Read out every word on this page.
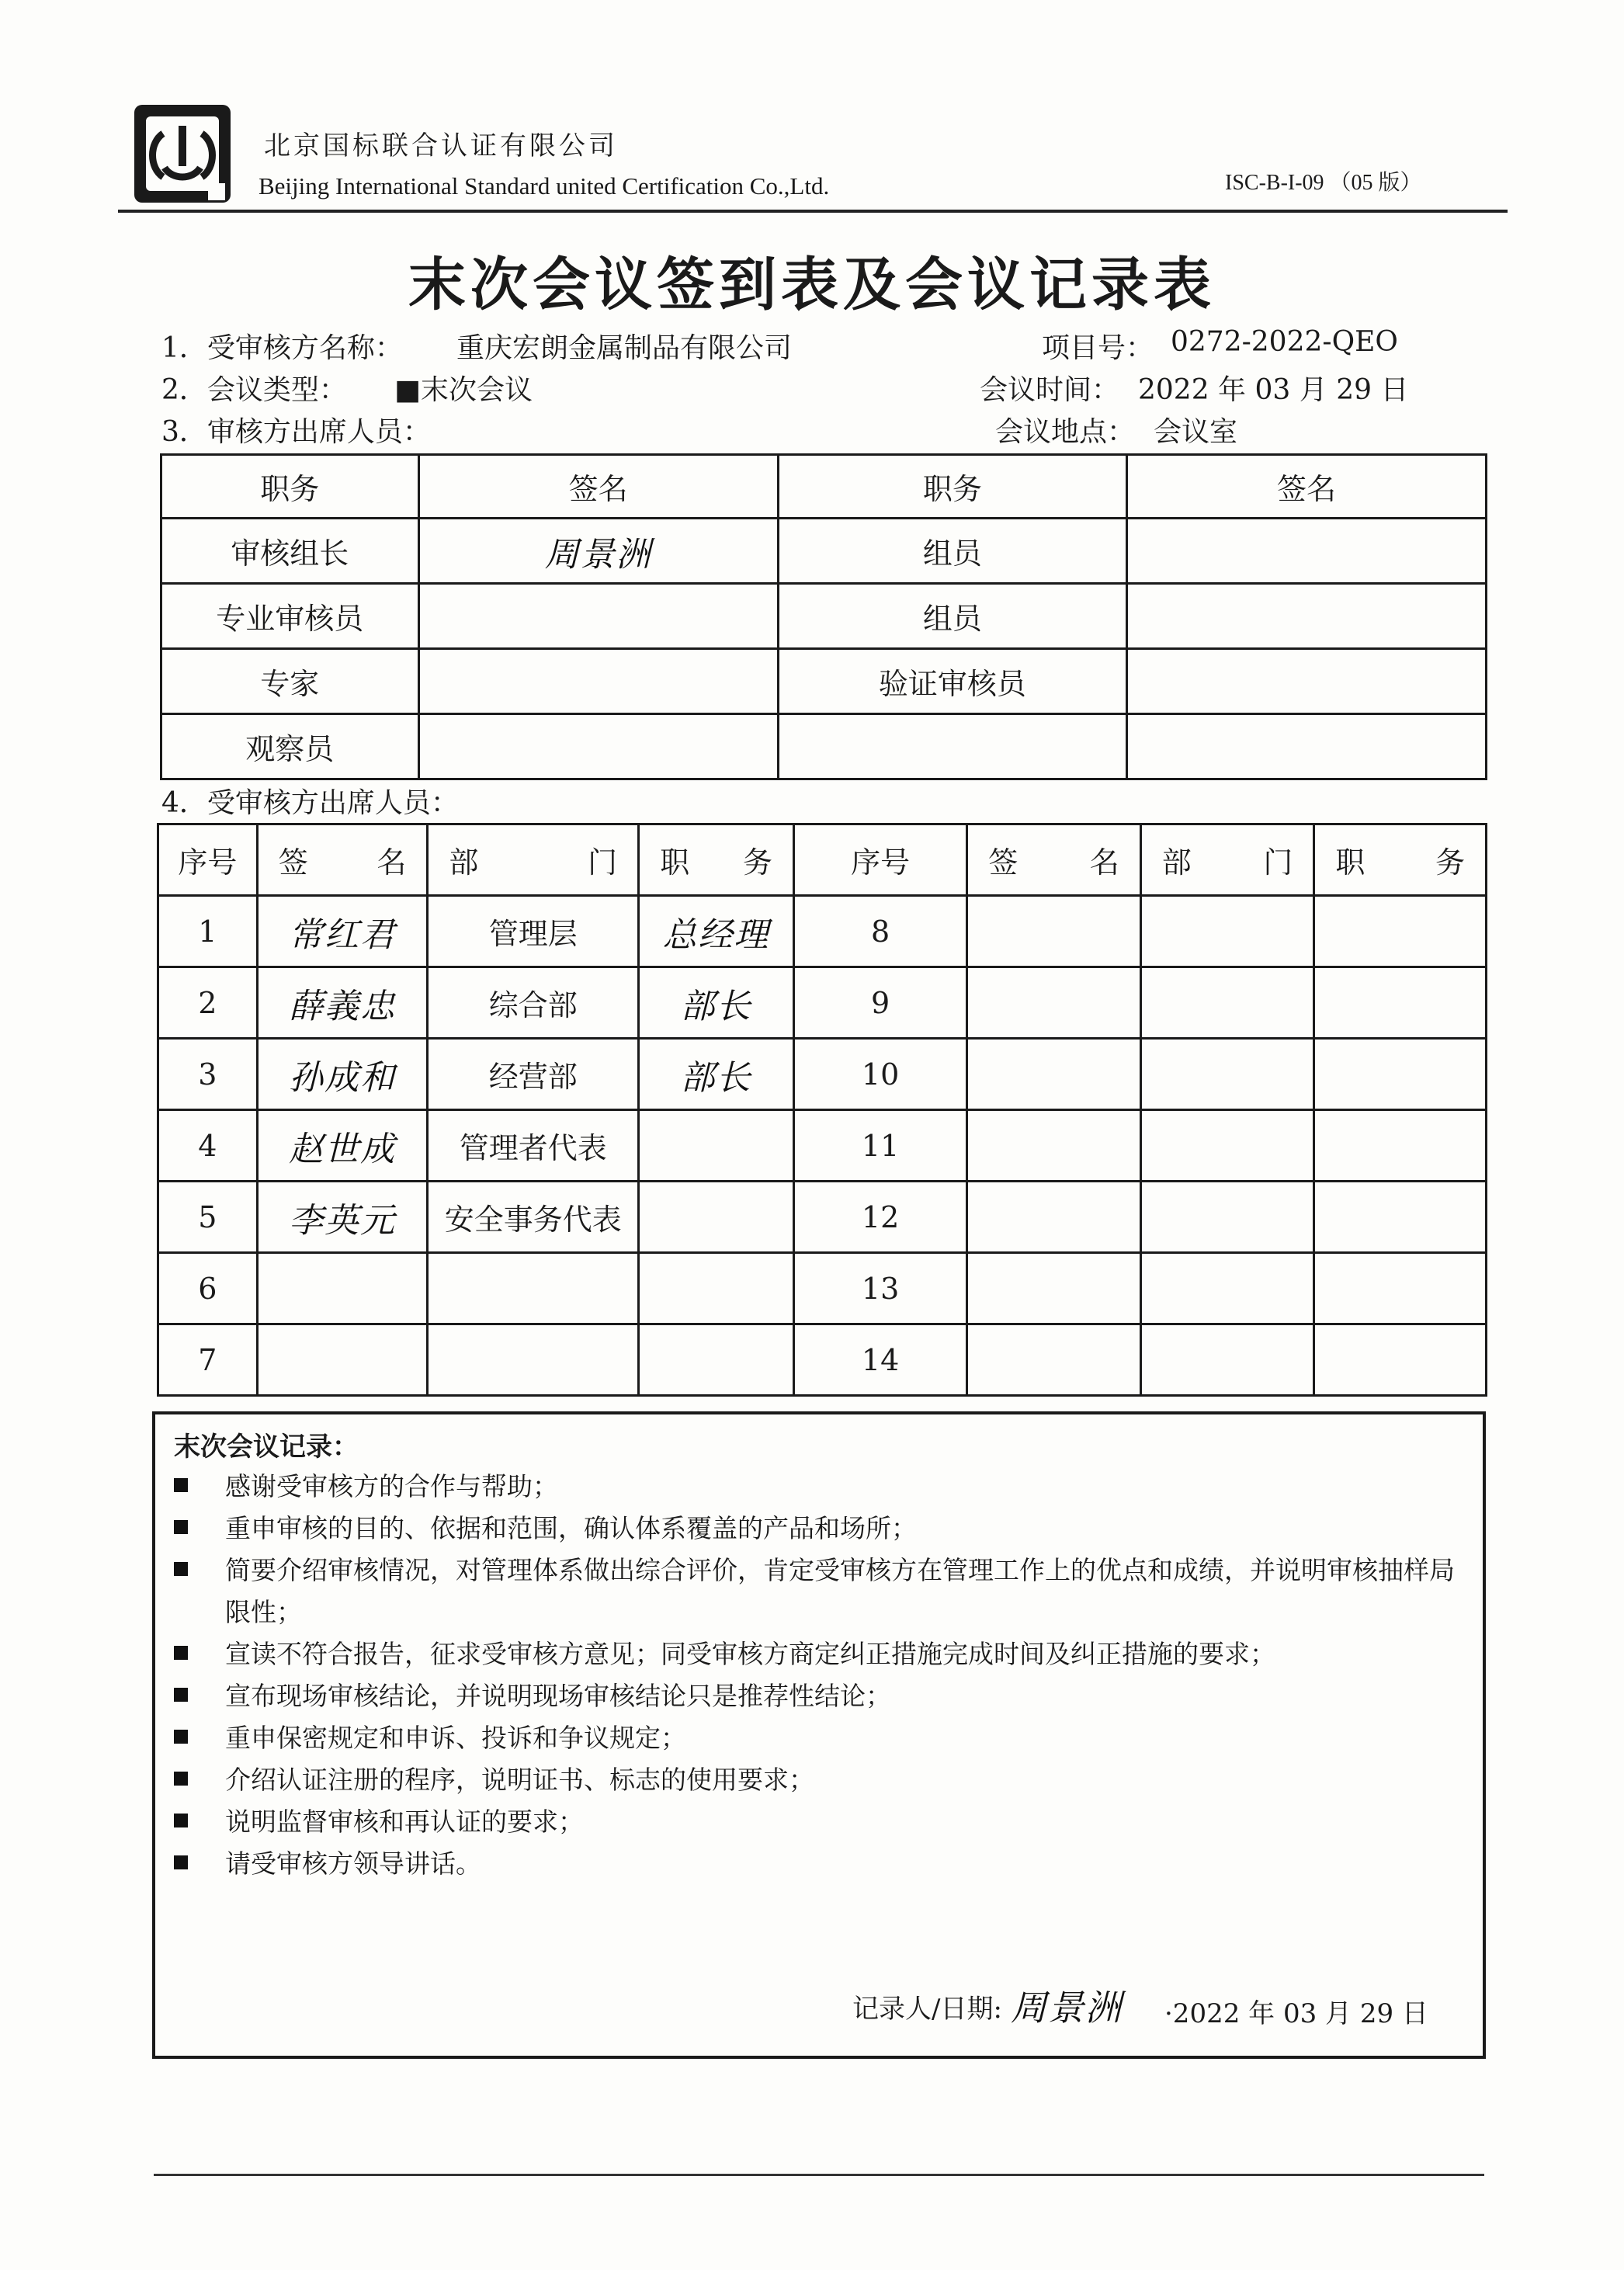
北京国标联合认证有限公司
Beijing International Standard united Certification Co.,Ltd.	ISC-B-I-09 （05 版）
末次会议签到表及会议记录表
1．受审核方名称： 重庆宏朗金属制品有限公司	项目号： 0272-2022-QEO
2．会议类型： ■末次会议	会议时间： 2022 年 03 月 29 日
3．审核方出席人员：	会议地点： 会议室
职务	签名	职务	签名
审核组长	周景洲	组员	
专业审核员		组员	
专家		验证审核员	
观察员			
4．受审核方出席人员：
序号	签 名	部 门	职 务	序号	签 名	部 门	职 务

1	常红君	管理层	总经理	8			
2	薛義忠	综合部	部长	9			
3	孙成和	经营部	部长	10			
4	赵世成	管理者代表		11			
5	李英元	安全事务代表		12			
6				13			
7				14			
末次会议记录：
感谢受审核方的合作与帮助；
重申审核的目的、依据和范围，确认体系覆盖的产品和场所；
简要介绍审核情况，对管理体系做出综合评价，肯定受审核方在管理工作上的优点和成绩，并说明审核抽样局限性；
宣读不符合报告，征求受审核方意见；同受审核方商定纠正措施完成时间及纠正措施的要求；
宣布现场审核结论，并说明现场审核结论只是推荐性结论；
重申保密规定和申诉、投诉和争议规定；
介绍认证注册的程序，说明证书、标志的使用要求；
说明监督审核和再认证的要求；
请受审核方领导讲话。
记录人/日期: 周景洲 ·2022 年 03 月 29 日
